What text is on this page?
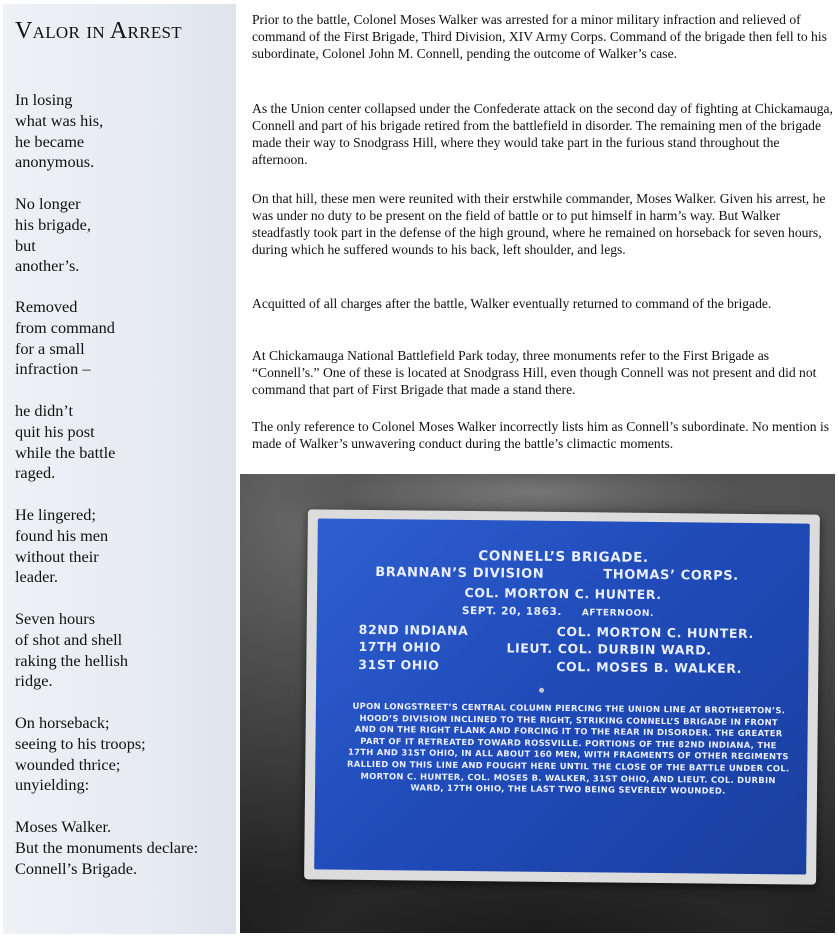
Valor in Arrest
In losing
what was his,
he became
anonymous.
No longer
his brigade,
but
another’s.
Removed
from command
for a small
infraction –
he didn’t
quit his post
while the battle
raged.
He lingered;
found his men
without their
leader.
Seven hours
of shot and shell
raking the hellish
ridge.
On horseback;
seeing to his troops;
wounded thrice;
unyielding:
Moses Walker.
But the monuments declare:
Connell’s Brigade.
Prior to the battle, Colonel Moses Walker was arrested for a minor military infraction and relieved of command of the First Brigade, Third Division, XIV Army Corps. Command of the brigade then fell to his subordinate, Colonel John M. Connell, pending the outcome of Walker’s case.
As the Union center collapsed under the Confederate attack on the second day of fighting at Chickamauga, Connell and part of his brigade retired from the battlefield in disorder. The remaining men of the brigade made their way to Snodgrass Hill, where they would take part in the furious stand throughout the afternoon.
On that hill, these men were reunited with their erstwhile commander, Moses Walker. Given his arrest, he was under no duty to be present on the field of battle or to put himself in harm’s way. But Walker steadfastly took part in the defense of the high ground, where he remained on horseback for seven hours, during which he suffered wounds to his back, left shoulder, and legs.
Acquitted of all charges after the battle, Walker eventually returned to command of the brigade.
At Chickamauga National Battlefield Park today, three monuments refer to the First Brigade as “Connell’s.” One of these is located at Snodgrass Hill, even though Connell was not present and did not command that part of First Brigade that made a stand there.
The only reference to Colonel Moses Walker incorrectly lists him as Connell’s subordinate. No mention is made of Walker’s unwavering conduct during the battle’s climactic moments.
CONNELL’S BRIGADE.
BRANNAN’S DIVISION	THOMAS’ CORPS.
COL. MORTON C. HUNTER.
SEPT. 20, 1863. AFTERNOON.
82ND INDIANA	COL. MORTON C. HUNTER.
17TH OHIO	LIEUT. COL. DURBIN WARD.
31ST OHIO	COL. MOSES B. WALKER.
UPON LONGSTREET’S CENTRAL COLUMN PIERCING THE UNION LINE AT BROTHERTON’S.
HOOD’S DIVISION INCLINED TO THE RIGHT, STRIKING CONNELL’S BRIGADE IN FRONT
AND ON THE RIGHT FLANK AND FORCING IT TO THE REAR IN DISORDER. THE GREATER
PART OF IT RETREATED TOWARD ROSSVILLE. PORTIONS OF THE 82ND INDIANA, THE
17TH AND 31ST OHIO, IN ALL ABOUT 160 MEN, WITH FRAGMENTS OF OTHER REGIMENTS
RALLIED ON THIS LINE AND FOUGHT HERE UNTIL THE CLOSE OF THE BATTLE UNDER COL.
MORTON C. HUNTER, COL. MOSES B. WALKER, 31ST OHIO, AND LIEUT. COL. DURBIN
WARD, 17TH OHIO, THE LAST TWO BEING SEVERELY WOUNDED.
